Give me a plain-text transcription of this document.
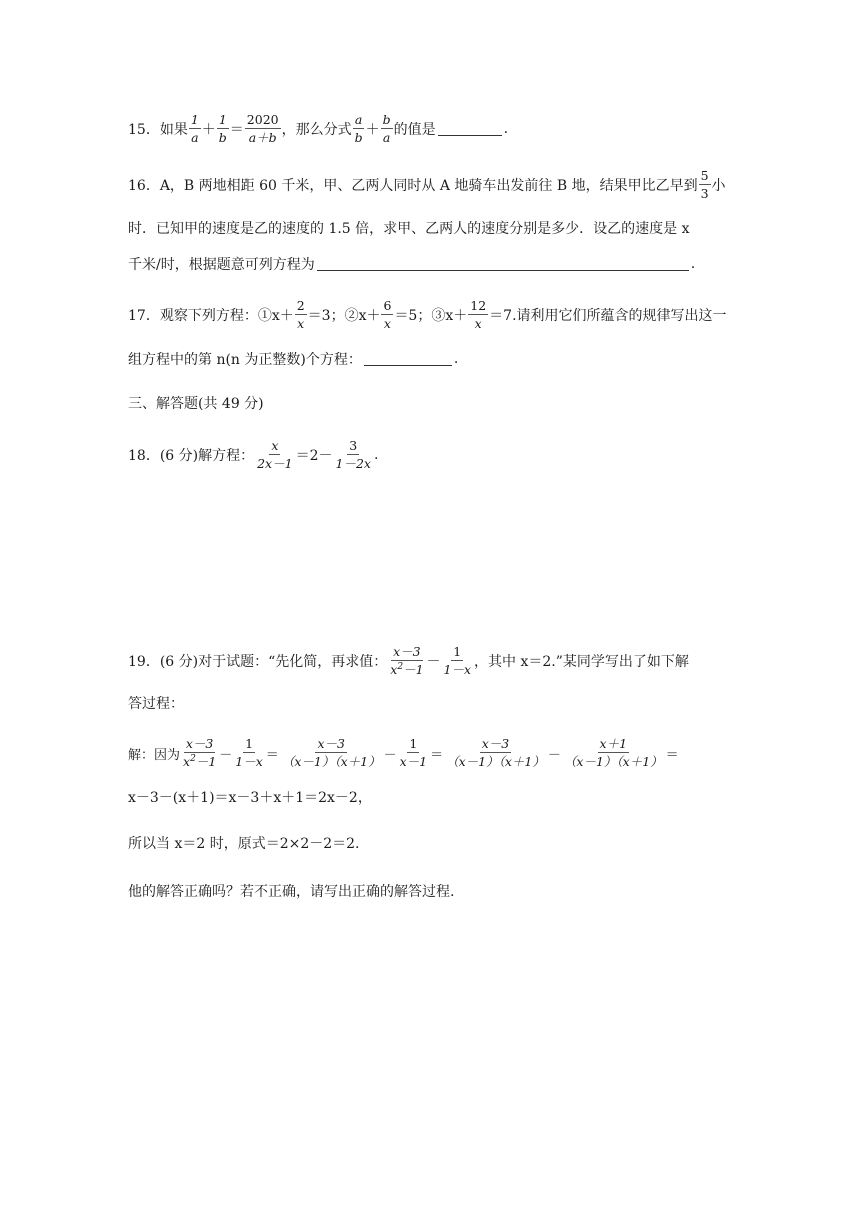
15．如果 $\frac{1}{a} + \frac{1}{b} = \frac{2020}{a+b}$ ，那么分式 $\frac{a}{b} + \frac{b}{a}$ 的值是	.
16．A，B 两地相距 60 千米，甲、乙两人同时从 A 地骑车出发前往 B 地，结果甲比乙早到 $\frac{5}{3}$ 小
时．已知甲的速度是乙的速度的 1.5 倍，求甲、乙两人的速度分别是多少．设乙的速度是 x
千米/时，根据题意可列方程为	.
17．观察下列方程：①x＋ $\frac{2}{x} =3$；②x＋ $\frac{6}{x} =5$；③x＋ $\frac{12}{x} =7$.请利用它们所蕴含的规律写出这一
组方程中的第 n(n 为正整数)个方程：	.
三、解答题(共 49 分)
18．(6 分)解方程： $\frac{x}{2x-1} =2- \frac{3}{1-2x}$ .
19．(6 分)对于试题：“先化简，再求值： $\frac{x-3}{x^2-1} - \frac{1}{1-x}$ ，其中 x＝2.”某同学写出了如下解
答过程：
解：因为 $\frac{x-3}{x^2-1} - \frac{1}{1-x} = \frac{x-3}{(x-1)(x+1)} - \frac{1}{x-1} = \frac{x-3}{(x-1)(x+1)} - \frac{x+1}{(x-1)(x+1)}$ ＝
x－3－(x＋1)＝x－3＋x＋1＝2x－2，
所以当 x＝2 时，原式＝2×2－2＝2.
他的解答正确吗？若不正确，请写出正确的解答过程.
